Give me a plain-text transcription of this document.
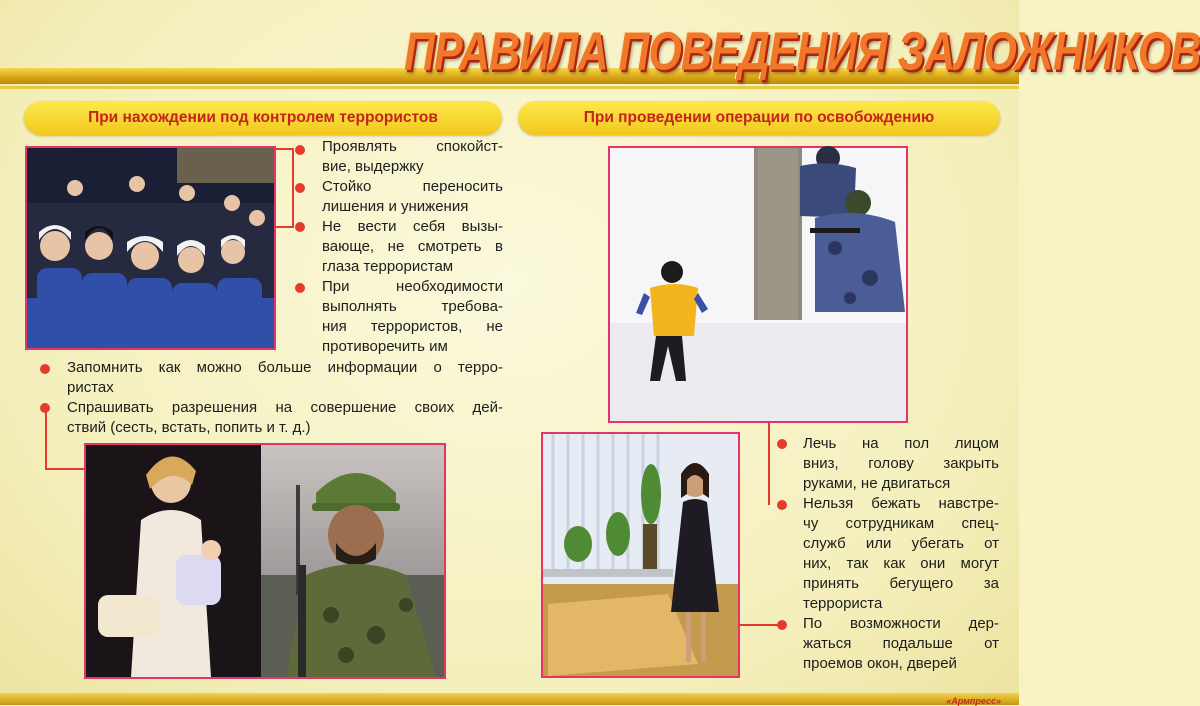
ПРАВИЛА ПОВЕДЕНИЯ ЗАЛОЖНИКОВ
При нахождении под контролем террористов	При проведении операции по освобождению
Проявлять спокойст-
вие, выдержку
Стойко переносить
лишения и унижения
Не вести себя вызы-
вающе, не смотреть в
глаза террористам
При необходимости
выполнять требова-
ния террористов, не
противоречить им
Запомнить как можно больше информации о терро-
ристах
Спрашивать разрешения на совершение своих дей-
ствий (сесть, встать, попить и т. д.)
Лечь на пол лицом
вниз, голову закрыть
руками, не двигаться
Нельзя бежать навстре-
чу сотрудникам спец-
служб или убегать от
них, так как они могут
принять бегущего за
террориста
По возможности дер-
жаться подальше от
проемов окон, дверей
«Армпресс»
